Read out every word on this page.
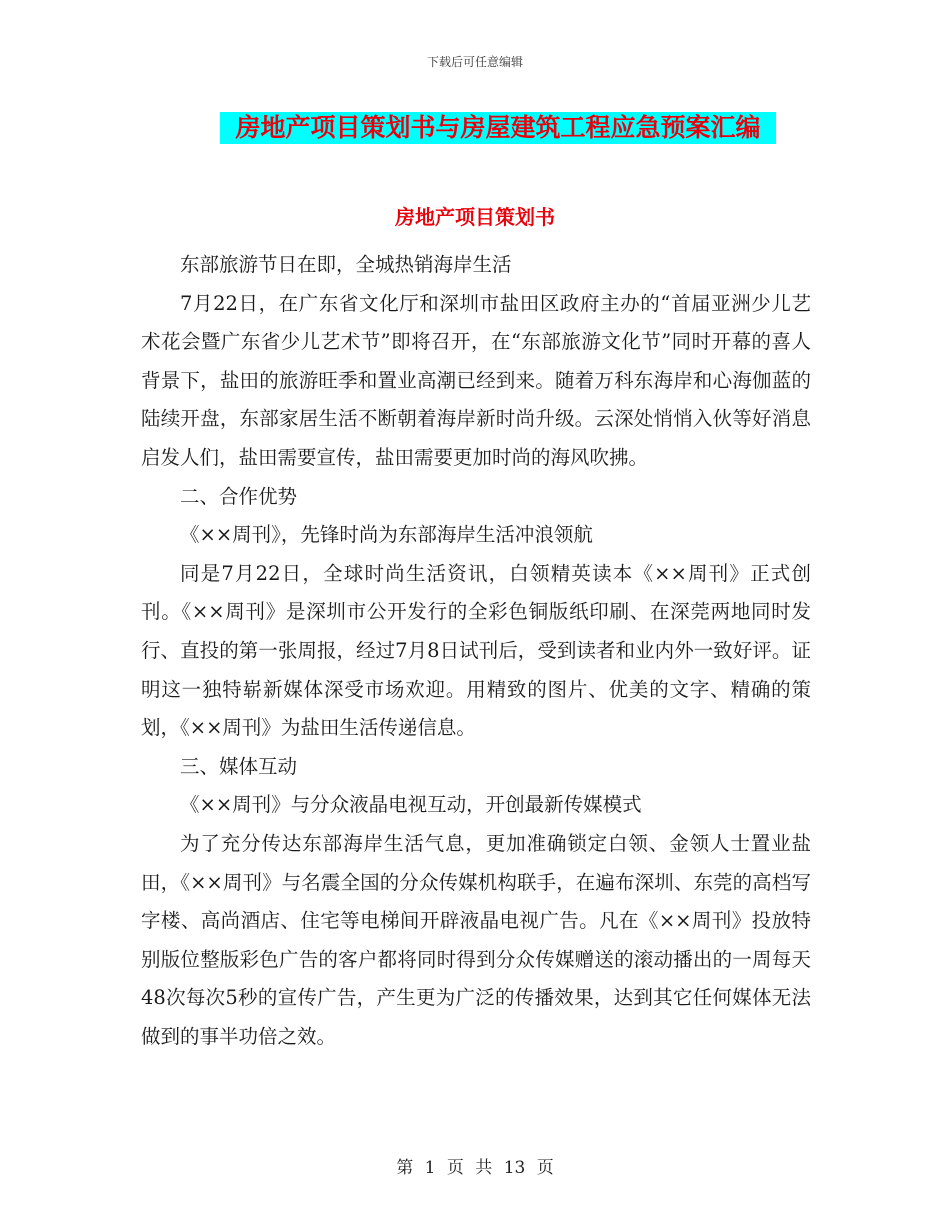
下载后可任意编辑
房地产项目策划书与房屋建筑工程应急预案汇编
房地产项目策划书

东部旅游节日在即，全城热销海岸生活

7月22日，在广东省文化厅和深圳市盐田区政府主办的“首届亚洲少儿艺术花会暨广东省少儿艺术节”即将召开，在“东部旅游文化节”同时开幕的喜人背景下，盐田的旅游旺季和置业高潮已经到来。随着万科东海岸和心海伽蓝的陆续开盘，东部家居生活不断朝着海岸新时尚升级。云深处悄悄入伙等好消息启发人们，盐田需要宣传，盐田需要更加时尚的海风吹拂。

二、合作优势

《××周刊》，先锋时尚为东部海岸生活冲浪领航

同是7月22日，全球时尚生活资讯，白领精英读本《××周刊》正式创刊。《××周刊》是深圳市公开发行的全彩色铜版纸印刷、在深莞两地同时发行、直投的第一张周报，经过7月8日试刊后，受到读者和业内外一致好评。证明这一独特崭新媒体深受市场欢迎。用精致的图片、优美的文字、精确的策划，《××周刊》为盐田生活传递信息。

三、媒体互动

《××周刊》与分众液晶电视互动，开创最新传媒模式

为了充分传达东部海岸生活气息，更加准确锁定白领、金领人士置业盐田，《××周刊》与名震全国的分众传媒机构联手，在遍布深圳、东莞的高档写字楼、高尚酒店、住宅等电梯间开辟液晶电视广告。凡在《××周刊》投放特别版位整版彩色广告的客户都将同时得到分众传媒赠送的滚动播出的一周每天48次每次5秒的宣传广告，产生更为广泛的传播效果，达到其它任何媒体无法做到的事半功倍之效。

第 1 页 共 13 页
